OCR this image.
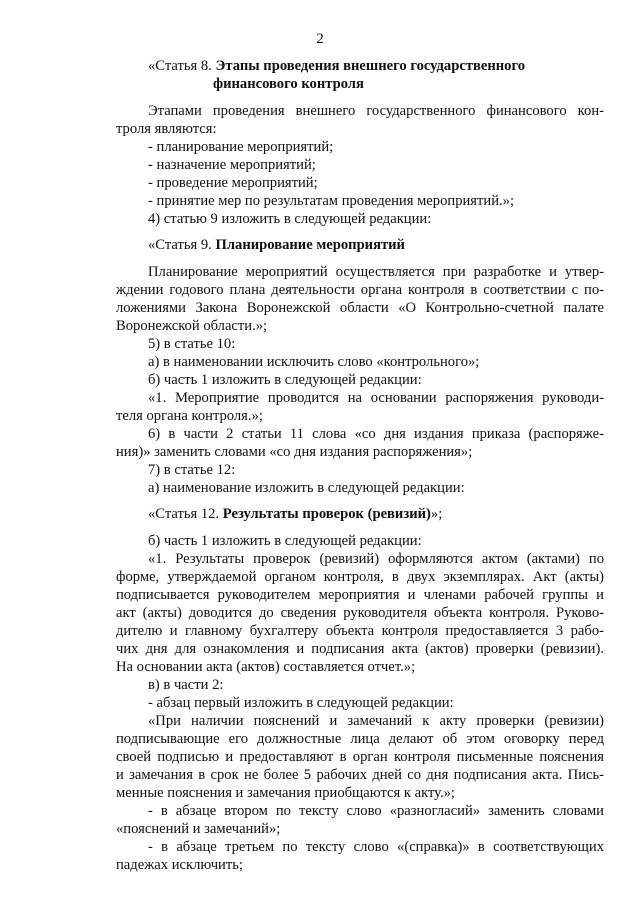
2
«Статья 8. Этапы проведения внешнего государственного
финансового контроля
Этапами проведения внешнего государственного финансового кон-
троля являются:
- планирование мероприятий;
- назначение мероприятий;
- проведение мероприятий;
- принятие мер по результатам проведения мероприятий.»;
4) статью 9 изложить в следующей редакции:
«Статья 9. Планирование мероприятий
Планирование мероприятий осуществляется при разработке и утвер-
ждении годового плана деятельности органа контроля в соответствии с по-
ложениями Закона Воронежской области «О Контрольно-счетной палате
Воронежской области.»;
5) в статье 10:
а) в наименовании исключить слово «контрольного»;
б) часть 1 изложить в следующей редакции:
«1. Мероприятие проводится на основании распоряжения руководи-
теля органа контроля.»;
6) в части 2 статьи 11 слова «со дня издания приказа (распоряже-
ния)» заменить словами «со дня издания распоряжения»;
7) в статье 12:
а) наименование изложить в следующей редакции:
«Статья 12. Результаты проверок (ревизий)»;
б) часть 1 изложить в следующей редакции:
«1. Результаты проверок (ревизий) оформляются актом (актами) по
форме, утверждаемой органом контроля, в двух экземплярах. Акт (акты)
подписывается руководителем мероприятия и членами рабочей группы и
акт (акты) доводится до сведения руководителя объекта контроля. Руково-
дителю и главному бухгалтеру объекта контроля предоставляется 3 рабо-
чих дня для ознакомления и подписания акта (актов) проверки (ревизии).
На основании акта (актов) составляется отчет.»;
в) в части 2:
- абзац первый изложить в следующей редакции:
«При наличии пояснений и замечаний к акту проверки (ревизии)
подписывающие его должностные лица делают об этом оговорку перед
своей подписью и предоставляют в орган контроля письменные пояснения
и замечания в срок не более 5 рабочих дней со дня подписания акта. Пись-
менные пояснения и замечания приобщаются к акту.»;
- в абзаце втором по тексту слово «разногласий» заменить словами
«пояснений и замечаний»;
- в абзаце третьем по тексту слово «(справка)» в соответствующих
падежах исключить;
